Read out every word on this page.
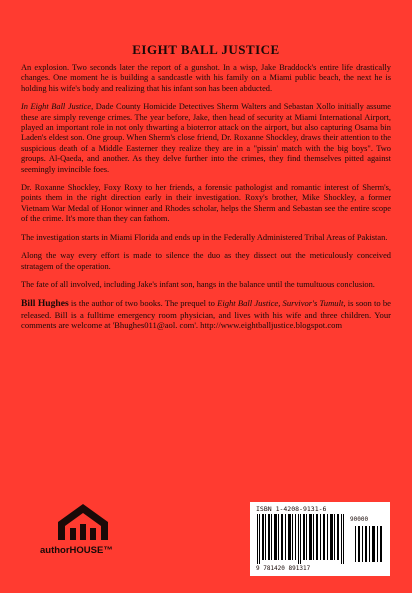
EIGHT BALL JUSTICE

An explosion. Two seconds later the report of a gunshot. In a wisp, Jake Braddock's entire life drastically changes. One moment he is building a sandcastle with his family on a Miami public beach, the next he is holding his wife's body and realizing that his infant son has been abducted.

In Eight Ball Justice, Dade County Homicide Detectives Sherm Walters and Sebastan Xollo initially assume these are simply revenge crimes. The year before, Jake, then head of security at Miami International Airport, played an important role in not only thwarting a bioterror attack on the airport, but also capturing Osama bin Laden's eldest son. One group. When Sherm's close friend, Dr. Roxanne Shockley, draws their attention to the suspicious death of a Middle Easterner they realize they are in a "pissin' match with the big boys". Two groups. Al-Qaeda, and another. As they delve further into the crimes, they find themselves pitted against seemingly invincible foes.

Dr. Roxanne Shockley, Foxy Roxy to her friends, a forensic pathologist and romantic interest of Sherm's, points them in the right direction early in their investigation. Roxy's brother, Mike Shockley, a former Vietnam War Medal of Honor winner and Rhodes scholar, helps the Sherm and Sebastan see the entire scope of the crime. It's more than they can fathom.

The investigation starts in Miami Florida and ends up in the Federally Administered Tribal Areas of Pakistan.

Along the way every effort is made to silence the duo as they dissect out the meticulously conceived stratagem of the operation.

The fate of all involved, including Jake's infant son, hangs in the balance until the tumultuous conclusion.

Bill Hughes is the author of two books. The prequel to Eight Ball Justice, Survivor's Tumult, is soon to be released. Bill is a fulltime emergency room physician, and lives with his wife and three children. Your comments are welcome at 'Bhughes011@aol. com'. http://www.eightballjustice.blogspot.com

authorHOUSE™
ISBN 1-4208-9131-6
90000
9 781420 891317
